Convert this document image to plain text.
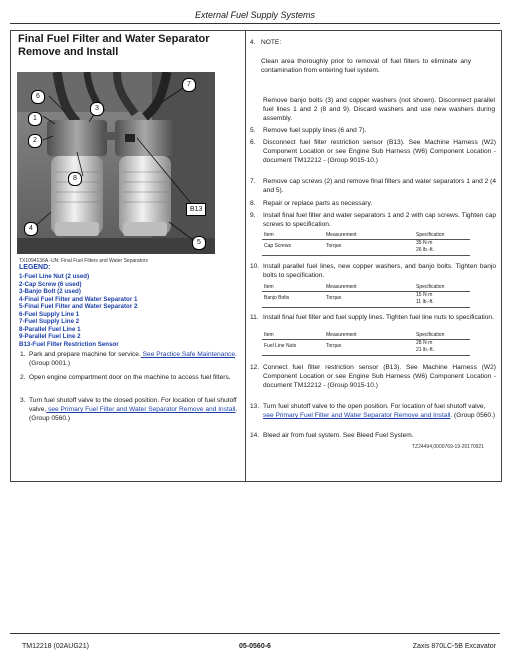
External Fuel Supply Systems
Final Fuel Filter and Water Separator Remove and Install
6
1
3
2
8
7
B13
5
4
TX1094136A -UN: Final Fuel Filters and Water Separators
LEGEND:
1-Fuel Line Nut (2 used)
2-Cap Screw (6 used)
3-Banjo Bolt (2 used)
4-Final Fuel Filter and Water Separator 1
5-Final Fuel Filter and Water Separator 2
6-Fuel Supply Line 1
7-Fuel Supply Line 2
8-Parallel Fuel Line 1
9-Parallel Fuel Line 2
B13-Fuel Filter Restriction Sensor
1. Park and prepare machine for service. See Practice Safe Maintenance. (Group 0001.)
2. Open engine compartment door on the machine to access fuel filters.
3. Turn fuel shutoff valve to the closed position. For location of fuel shutoff valve, see Primary Fuel Filter and Water Separator Remove and Install. (Group 0560.)
4. NOTE:
Clean area thoroughly prior to removal of fuel filters to eliminate any contamination from entering fuel system.
Remove banjo bolts (3) and copper washers (not shown). Disconnect parallel fuel lines 1 and 2 (8 and 9). Discard washers and use new washers during assembly.
5. Remove fuel supply lines (6 and 7).
6. Disconnect fuel filter restriction sensor (B13). See Machine Harness (W2) Component Location or see Engine Sub Harness (W6) Component Location - document TM12212 - (Group 9015-10.)
7. Remove cap screws (2) and remove final filters and water separators 1 and 2 (4 and 5).
8. Repair or replace parts as necessary.
9. Install final fuel filter and water separators 1 and 2 with cap screws. Tighten cap screws to specification.
Item	Measurement	Specification
Cap Screws	Torque	35 N·m
26 lb.-ft.
10. Install parallel fuel lines, new copper washers, and banjo bolts. Tighten banjo bolts to specification.
Item	Measurement	Specification
Banjo Bolts	Torque	15 N·m
11 lb.-ft.
11. Install final fuel filter and fuel supply lines. Tighten fuel line nuts to specification.
Item	Measurement	Specification
Fuel Line Nuts	Torque	28 N·m
21 lb.-ft.
12. Connect fuel filter restriction sensor (B13). See Machine Harness (W2) Component Location or see Engine Sub Harness (W6) Component Location - document TM12212 - (Group 9015-10.)
13. Turn fuel shutoff valve to the open position. For location of fuel shutoff valve, see Primary Fuel Filter and Water Separator Remove and Install. (Group 0560.)
14. Bleed air from fuel system. See Bleed Fuel System.
TZ24494,0000769-19-20170921
TM12218 (02AUG21)	05-0560-6	Zaxis 870LC-5B Excavator
